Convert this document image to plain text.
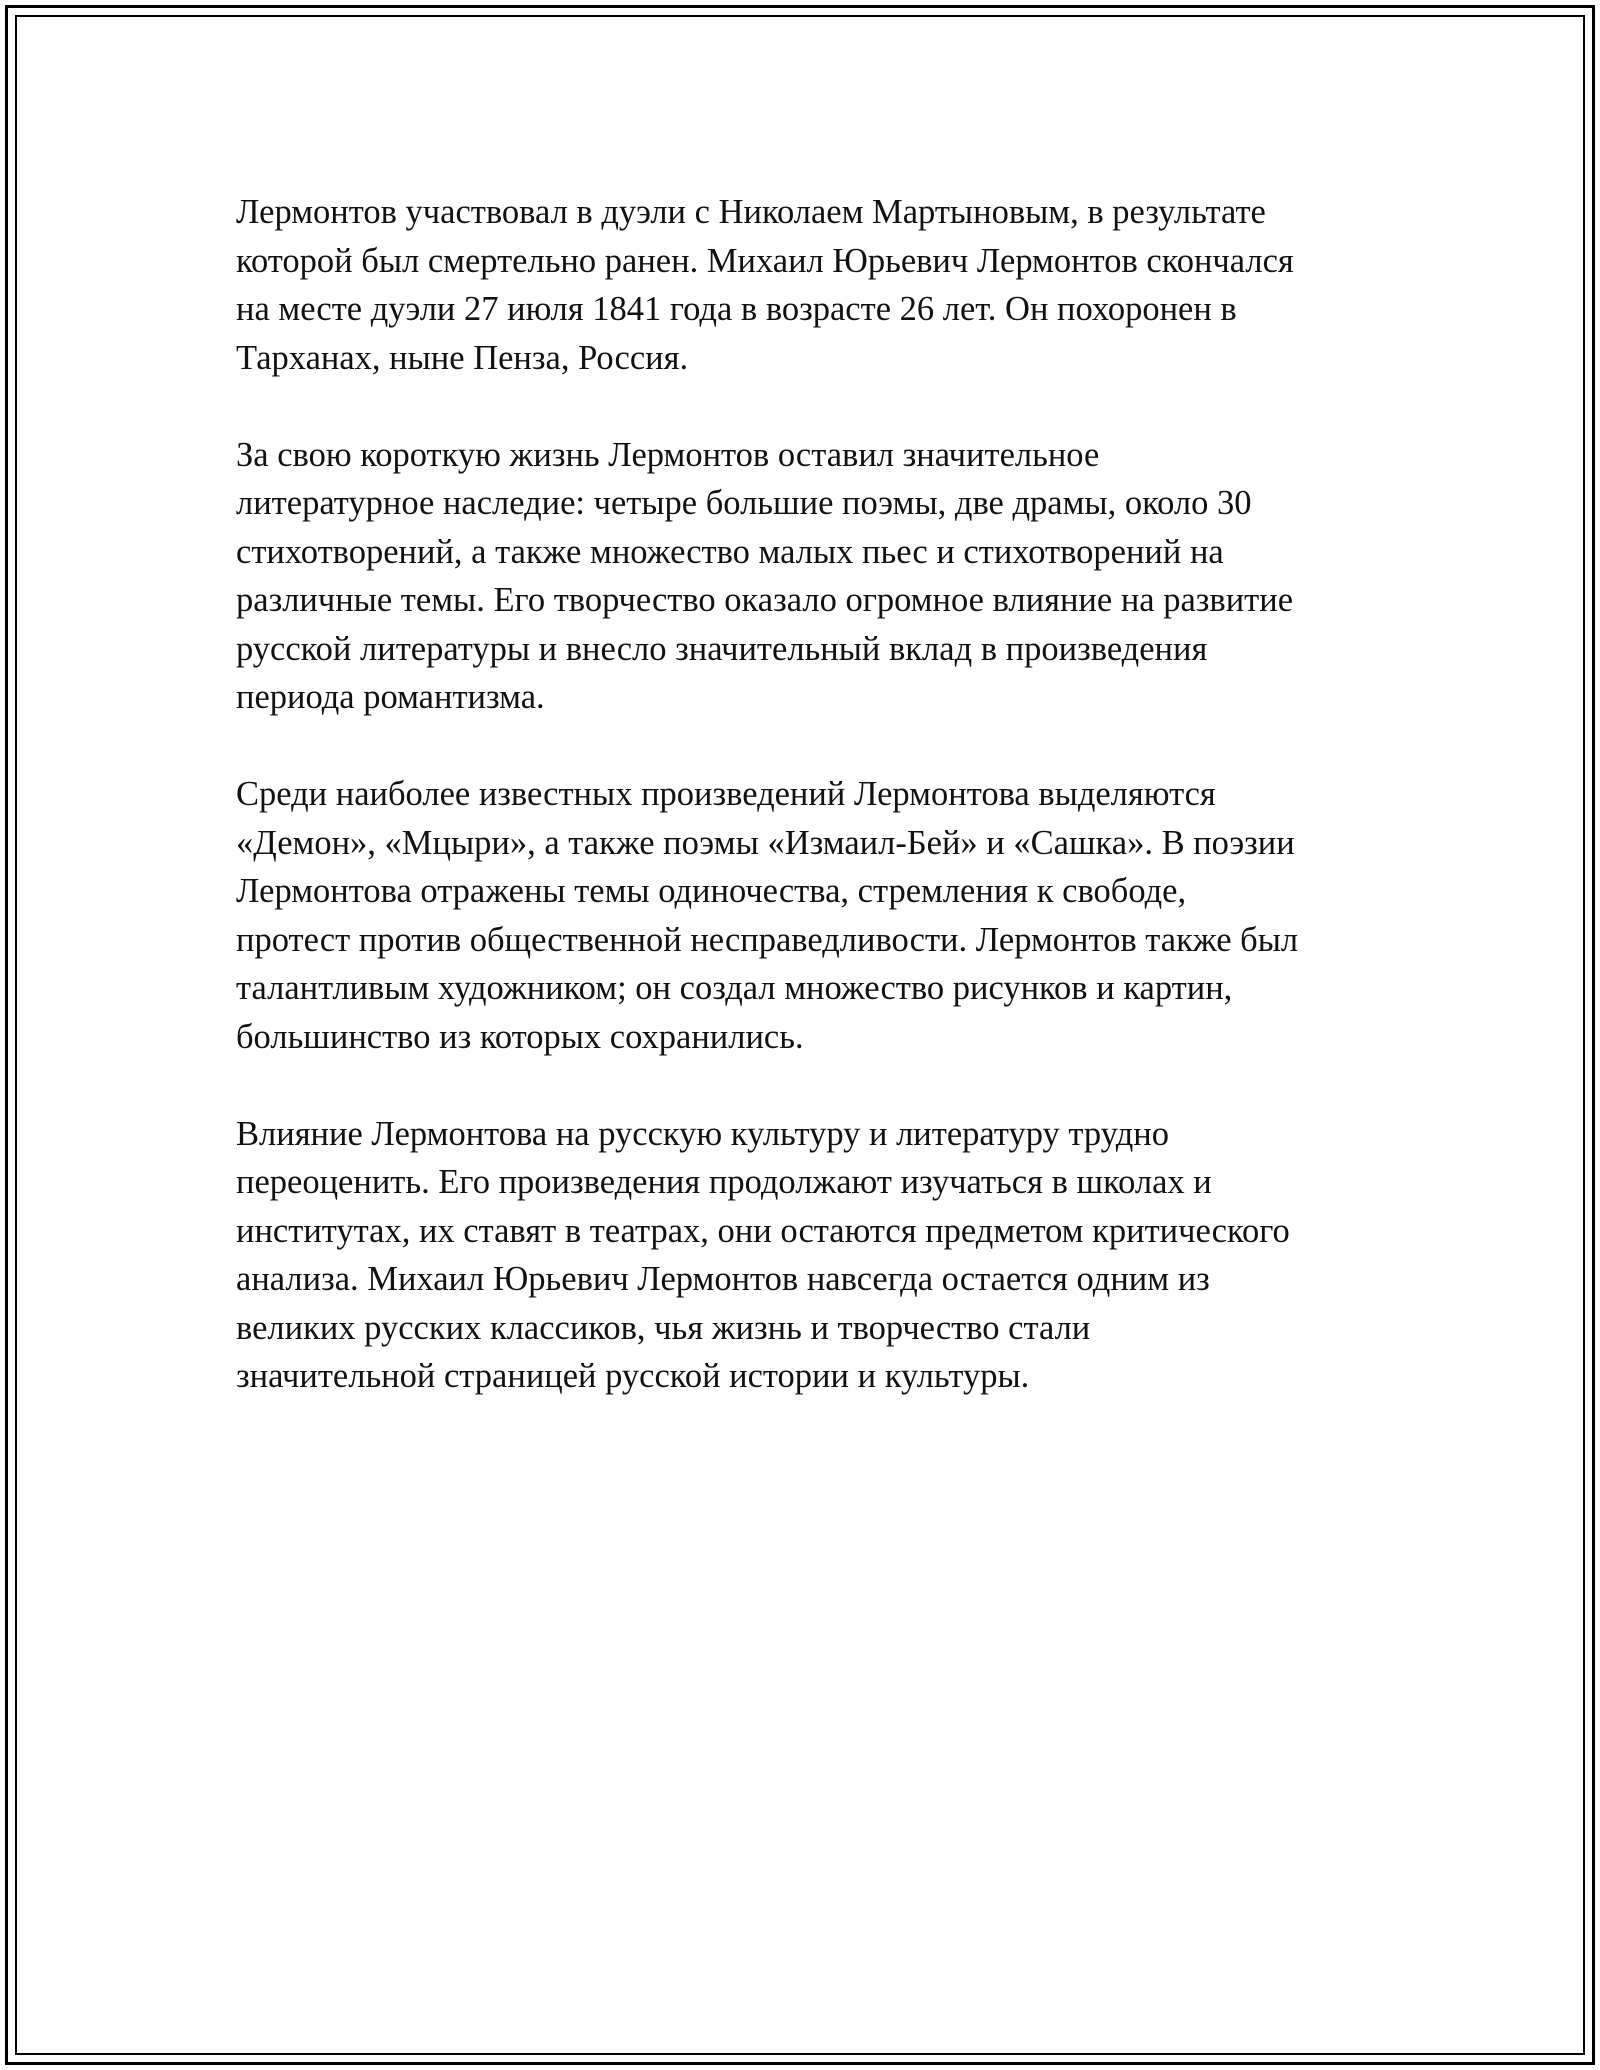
Лермонтов участвовал в дуэли с Николаем Мартыновым, в результате
которой был смертельно ранен. Михаил Юрьевич Лермонтов скончался
на месте дуэли 27 июля 1841 года в возрасте 26 лет. Он похоронен в
Тарханах, ныне Пенза, Россия.

За свою короткую жизнь Лермонтов оставил значительное
литературное наследие: четыре большие поэмы, две драмы, около 30
стихотворений, а также множество малых пьес и стихотворений на
различные темы. Его творчество оказало огромное влияние на развитие
русской литературы и внесло значительный вклад в произведения
периода романтизма.

Среди наиболее известных произведений Лермонтова выделяются
«Демон», «Мцыри», а также поэмы «Измаил-Бей» и «Сашка». В поэзии
Лермонтова отражены темы одиночества, стремления к свободе,
протест против общественной несправедливости. Лермонтов также был
талантливым художником; он создал множество рисунков и картин,
большинство из которых сохранились.

Влияние Лермонтова на русскую культуру и литературу трудно
переоценить. Его произведения продолжают изучаться в школах и
институтах, их ставят в театрах, они остаются предметом критического
анализа. Михаил Юрьевич Лермонтов навсегда остается одним из
великих русских классиков, чья жизнь и творчество стали
значительной страницей русской истории и культуры.
